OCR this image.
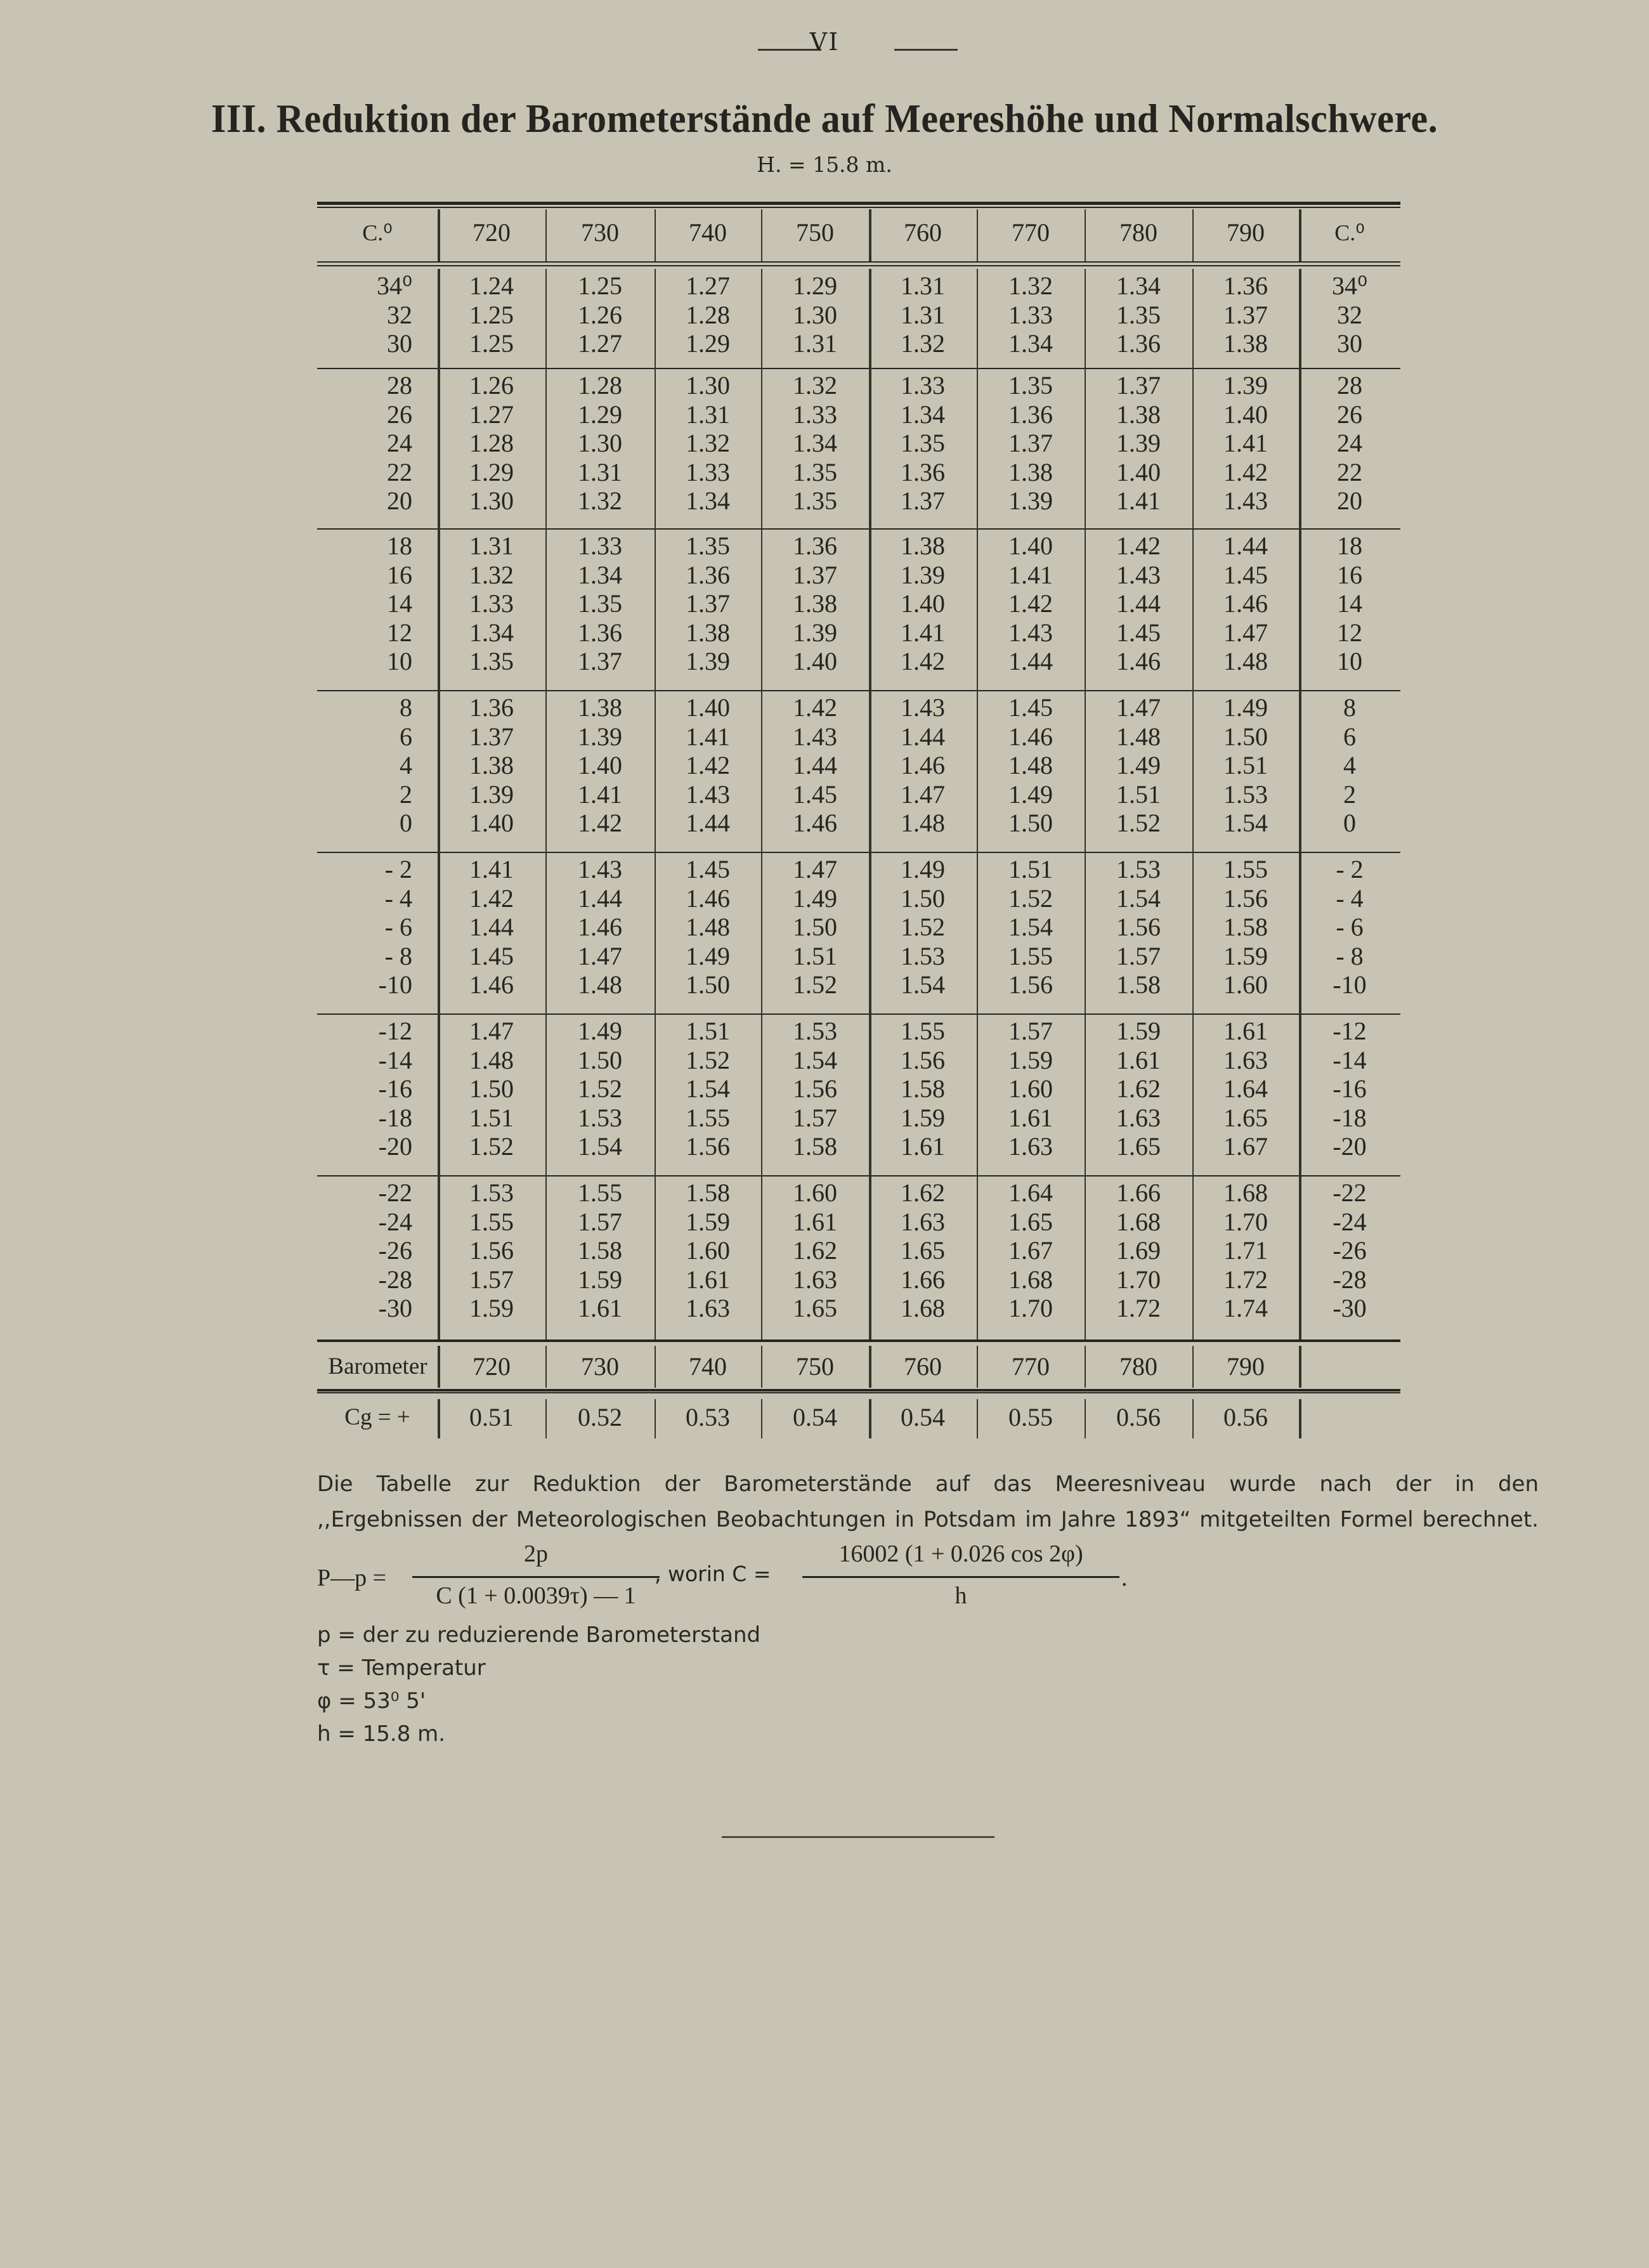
VI
III. Reduktion der Barometerstände auf Meereshöhe und Normalschwere.
H. = 15.8 m.
C.⁰	720	730	740	750	760	770	780	790	C.⁰
34⁰	1.24	1.25	1.27	1.29	1.31	1.32	1.34	1.36	34⁰
32	1.25	1.26	1.28	1.30	1.31	1.33	1.35	1.37	32
30	1.25	1.27	1.29	1.31	1.32	1.34	1.36	1.38	30
28	1.26	1.28	1.30	1.32	1.33	1.35	1.37	1.39	28
26	1.27	1.29	1.31	1.33	1.34	1.36	1.38	1.40	26
24	1.28	1.30	1.32	1.34	1.35	1.37	1.39	1.41	24
22	1.29	1.31	1.33	1.35	1.36	1.38	1.40	1.42	22
20	1.30	1.32	1.34	1.35	1.37	1.39	1.41	1.43	20
18	1.31	1.33	1.35	1.36	1.38	1.40	1.42	1.44	18
16	1.32	1.34	1.36	1.37	1.39	1.41	1.43	1.45	16
14	1.33	1.35	1.37	1.38	1.40	1.42	1.44	1.46	14
12	1.34	1.36	1.38	1.39	1.41	1.43	1.45	1.47	12
10	1.35	1.37	1.39	1.40	1.42	1.44	1.46	1.48	10
8	1.36	1.38	1.40	1.42	1.43	1.45	1.47	1.49	8
6	1.37	1.39	1.41	1.43	1.44	1.46	1.48	1.50	6
4	1.38	1.40	1.42	1.44	1.46	1.48	1.49	1.51	4
2	1.39	1.41	1.43	1.45	1.47	1.49	1.51	1.53	2
0	1.40	1.42	1.44	1.46	1.48	1.50	1.52	1.54	0
- 2	1.41	1.43	1.45	1.47	1.49	1.51	1.53	1.55	- 2
- 4	1.42	1.44	1.46	1.49	1.50	1.52	1.54	1.56	- 4
- 6	1.44	1.46	1.48	1.50	1.52	1.54	1.56	1.58	- 6
- 8	1.45	1.47	1.49	1.51	1.53	1.55	1.57	1.59	- 8
-10	1.46	1.48	1.50	1.52	1.54	1.56	1.58	1.60	-10
-12	1.47	1.49	1.51	1.53	1.55	1.57	1.59	1.61	-12
-14	1.48	1.50	1.52	1.54	1.56	1.59	1.61	1.63	-14
-16	1.50	1.52	1.54	1.56	1.58	1.60	1.62	1.64	-16
-18	1.51	1.53	1.55	1.57	1.59	1.61	1.63	1.65	-18
-20	1.52	1.54	1.56	1.58	1.61	1.63	1.65	1.67	-20
-22	1.53	1.55	1.58	1.60	1.62	1.64	1.66	1.68	-22
-24	1.55	1.57	1.59	1.61	1.63	1.65	1.68	1.70	-24
-26	1.56	1.58	1.60	1.62	1.65	1.67	1.69	1.71	-26
-28	1.57	1.59	1.61	1.63	1.66	1.68	1.70	1.72	-28
-30	1.59	1.61	1.63	1.65	1.68	1.70	1.72	1.74	-30
Barometer	720	730	740	750	760	770	780	790
Cg = +	0.51	0.52	0.53	0.54	0.54	0.55	0.56	0.56
Die Tabelle zur Reduktion der Barometerstände auf das Meeresniveau wurde nach der in den
,,Ergebnissen der Meteorologischen Beobachtungen in Potsdam im Jahre 1893“ mitgeteilten Formel berechnet.
P—p =
2p
C (1 + 0.0039τ) — 1
, worin C =
16002 (1 + 0.026 cos 2φ)
h
.
p = der zu reduzierende Barometerstand
τ = Temperatur
φ = 53⁰ 5'
h = 15.8 m.
